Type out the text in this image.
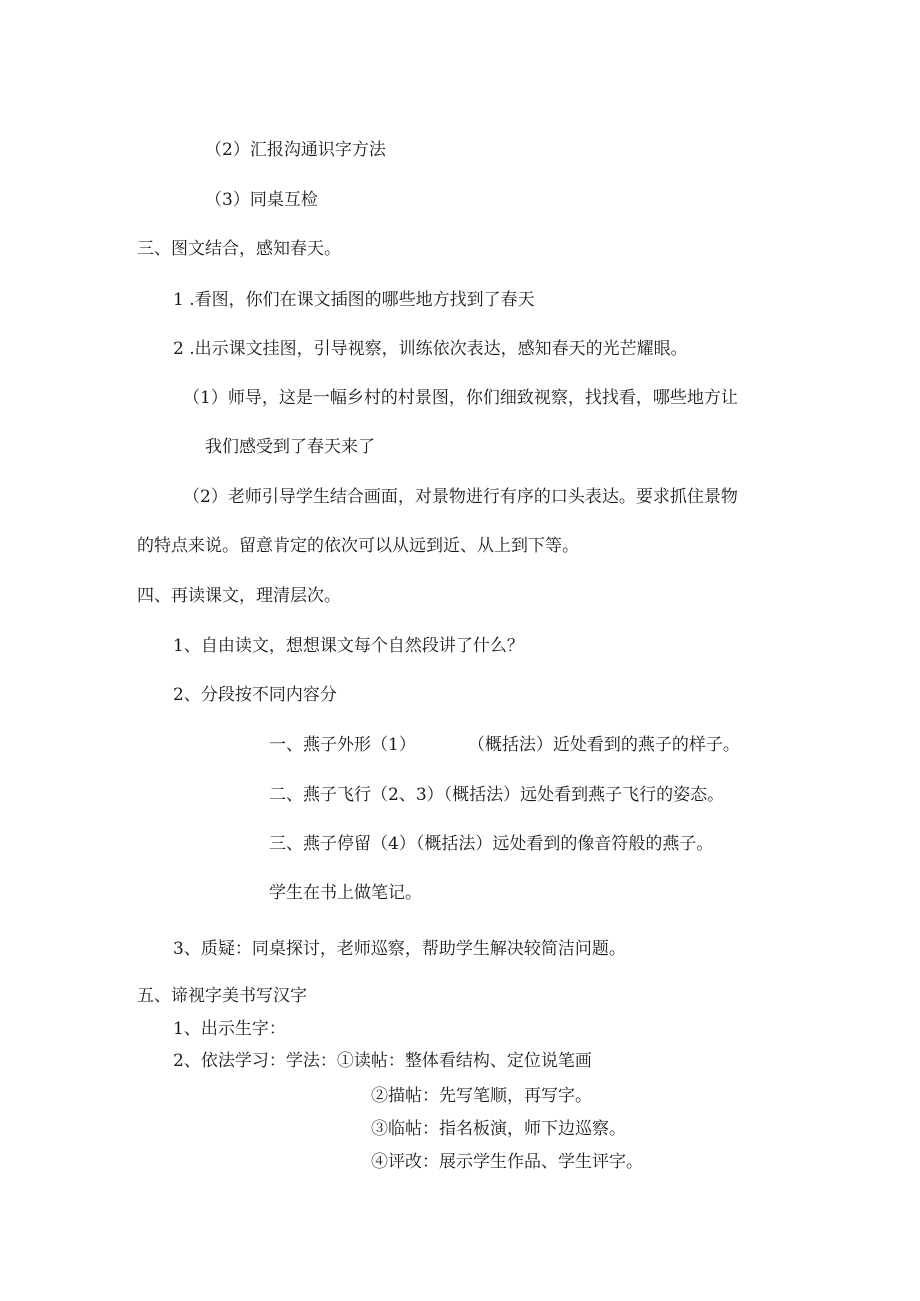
（2）汇报沟通识字方法
（3）同桌互检
三、图文结合，感知春天。
1 .看图，你们在课文插图的哪些地方找到了春天
2 .出示课文挂图，引导视察，训练依次表达，感知春天的光芒耀眼。
（1）师导，这是一幅乡村的村景图，你们细致视察，找找看，哪些地方让
我们感受到了春天来了
（2）老师引导学生结合画面，对景物进行有序的口头表达。要求抓住景物
的特点来说。留意肯定的依次可以从远到近、从上到下等。
四、再读课文，理清层次。
1、自由读文，想想课文每个自然段讲了什么？
2、分段按不同内容分
一、燕子外形（1）	（概括法）近处看到的燕子的样子。
二、燕子飞行（2、3）（概括法）远处看到燕子飞行的姿态。
三、燕子停留（4）（概括法）远处看到的像音符般的燕子。
学生在书上做笔记。
3、质疑：同桌探讨，老师巡察，帮助学生解决较简洁问题。
五、谛视字美书写汉字
1、出示生字：
2、依法学习：学法：①读帖：整体看结构、定位说笔画
②描帖：先写笔顺，再写字。
③临帖：指名板演，师下边巡察。
④评改：展示学生作品、学生评字。
